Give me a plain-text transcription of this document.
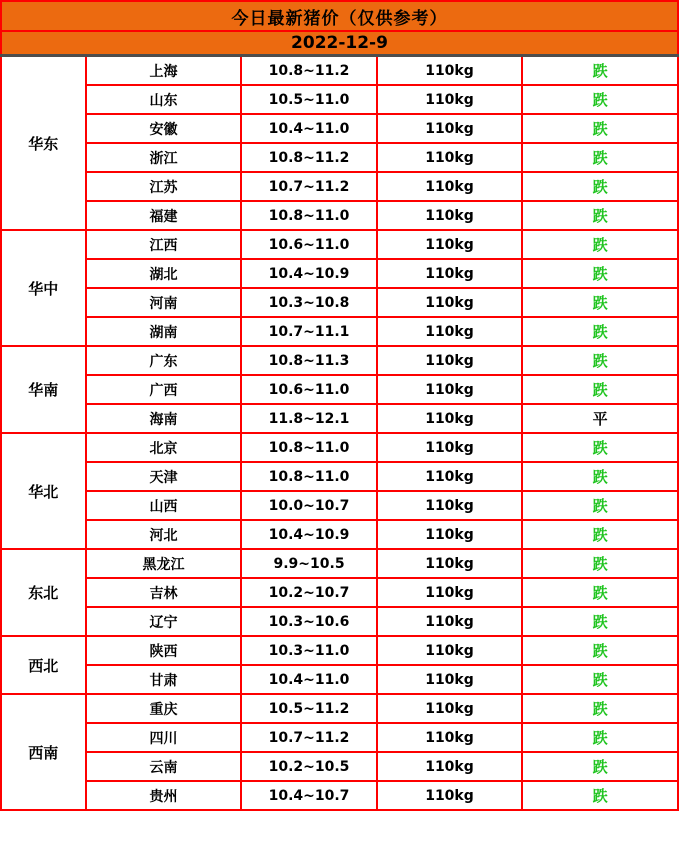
今日最新猪价（仅供参考）				
2022-12-9				
华东	上海	10.8~11.2	110kg	跌
	山东	10.5~11.0	110kg	跌
	安徽	10.4~11.0	110kg	跌
	浙江	10.8~11.2	110kg	跌
	江苏	10.7~11.2	110kg	跌
	福建	10.8~11.0	110kg	跌
华中	江西	10.6~11.0	110kg	跌
	湖北	10.4~10.9	110kg	跌
	河南	10.3~10.8	110kg	跌
	湖南	10.7~11.1	110kg	跌
华南	广东	10.8~11.3	110kg	跌
	广西	10.6~11.0	110kg	跌
	海南	11.8~12.1	110kg	平
华北	北京	10.8~11.0	110kg	跌
	天津	10.8~11.0	110kg	跌
	山西	10.0~10.7	110kg	跌
	河北	10.4~10.9	110kg	跌
东北	黑龙江	9.9~10.5	110kg	跌
	吉林	10.2~10.7	110kg	跌
	辽宁	10.3~10.6	110kg	跌
西北	陕西	10.3~11.0	110kg	跌
	甘肃	10.4~11.0	110kg	跌
西南	重庆	10.5~11.2	110kg	跌
	四川	10.7~11.2	110kg	跌
	云南	10.2~10.5	110kg	跌
	贵州	10.4~10.7	110kg	跌
